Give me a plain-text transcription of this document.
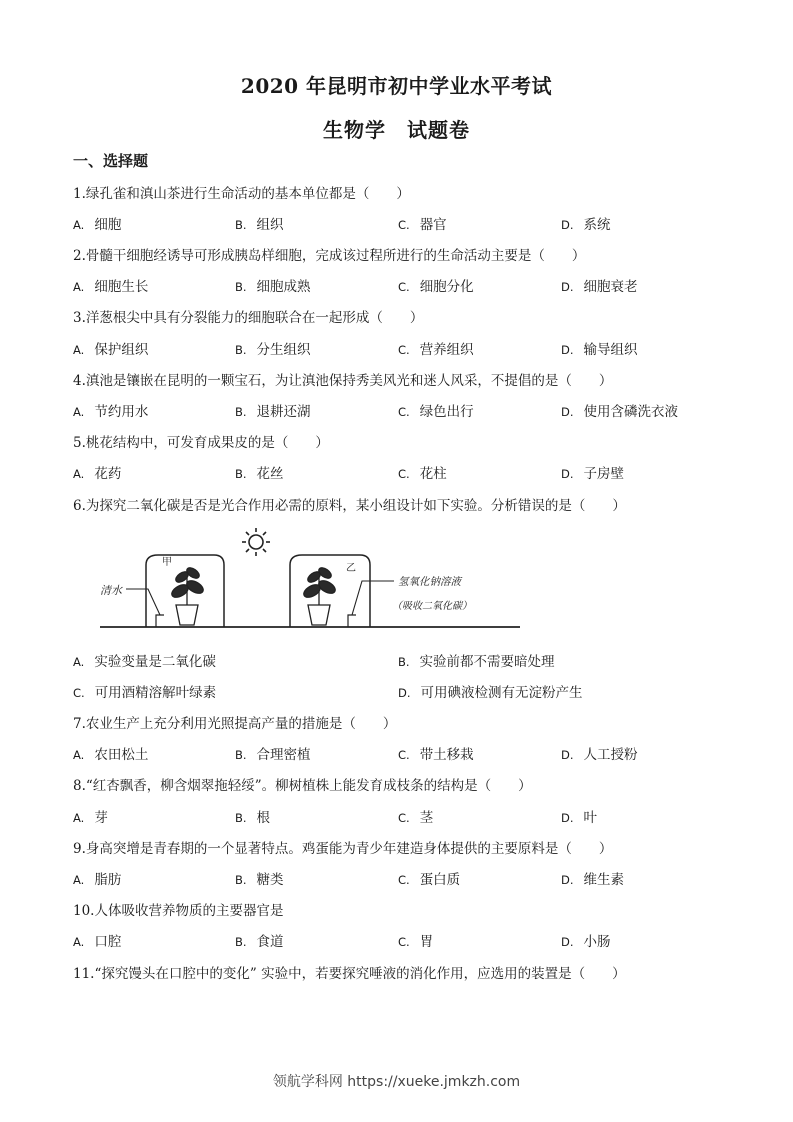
2020 年昆明市初中学业水平考试
生物学　试题卷
一、选择题
1.绿孔雀和滇山茶进行生命活动的基本单位都是（　　）
A. 细胞	B. 组织	C. 器官	D. 系统
2.骨髓干细胞经诱导可形成胰岛样细胞，完成该过程所进行的生命活动主要是（　　）
A. 细胞生长	B. 细胞成熟	C. 细胞分化	D. 细胞衰老
3.洋葱根尖中具有分裂能力的细胞联合在一起形成（　　）
A. 保护组织	B. 分生组织	C. 营养组织	D. 输导组织
4.滇池是镶嵌在昆明的一颗宝石，为让滇池保持秀美风光和迷人风采，不提倡的是（　　）
A. 节约用水	B. 退耕还湖	C. 绿色出行	D. 使用含磷洗衣液
5.桃花结构中，可发育成果皮的是（　　）
A. 花药	B. 花丝	C. 花柱	D. 子房壁
6.为探究二氧化碳是否是光合作用必需的原料，某小组设计如下实验。分析错误的是（　　）
清水
甲
乙
氢氧化钠溶液
（吸收二氧化碳）
A. 实验变量是二氧化碳	B. 实验前都不需要暗处理
C. 可用酒精溶解叶绿素	D. 可用碘液检测有无淀粉产生
7.农业生产上充分利用光照提高产量的措施是（　　）
A. 农田松土	B. 合理密植	C. 带土移栽	D. 人工授粉
8.“红杏飘香，柳含烟翠拖轻绥”。柳树植株上能发育成枝条的结构是（　　）
A. 芽	B. 根	C. 茎	D. 叶
9.身高突增是青春期的一个显著特点。鸡蛋能为青少年建造身体提供的主要原料是（　　）
A. 脂肪	B. 糖类	C. 蛋白质	D. 维生素
10.人体吸收营养物质的主要器官是
A. 口腔	B. 食道	C. 胃	D. 小肠
11.“探究馒头在口腔中的变化” 实验中，若要探究唾液的消化作用，应选用的装置是（　　）
领航学科网 https://xueke.jmkzh.com
